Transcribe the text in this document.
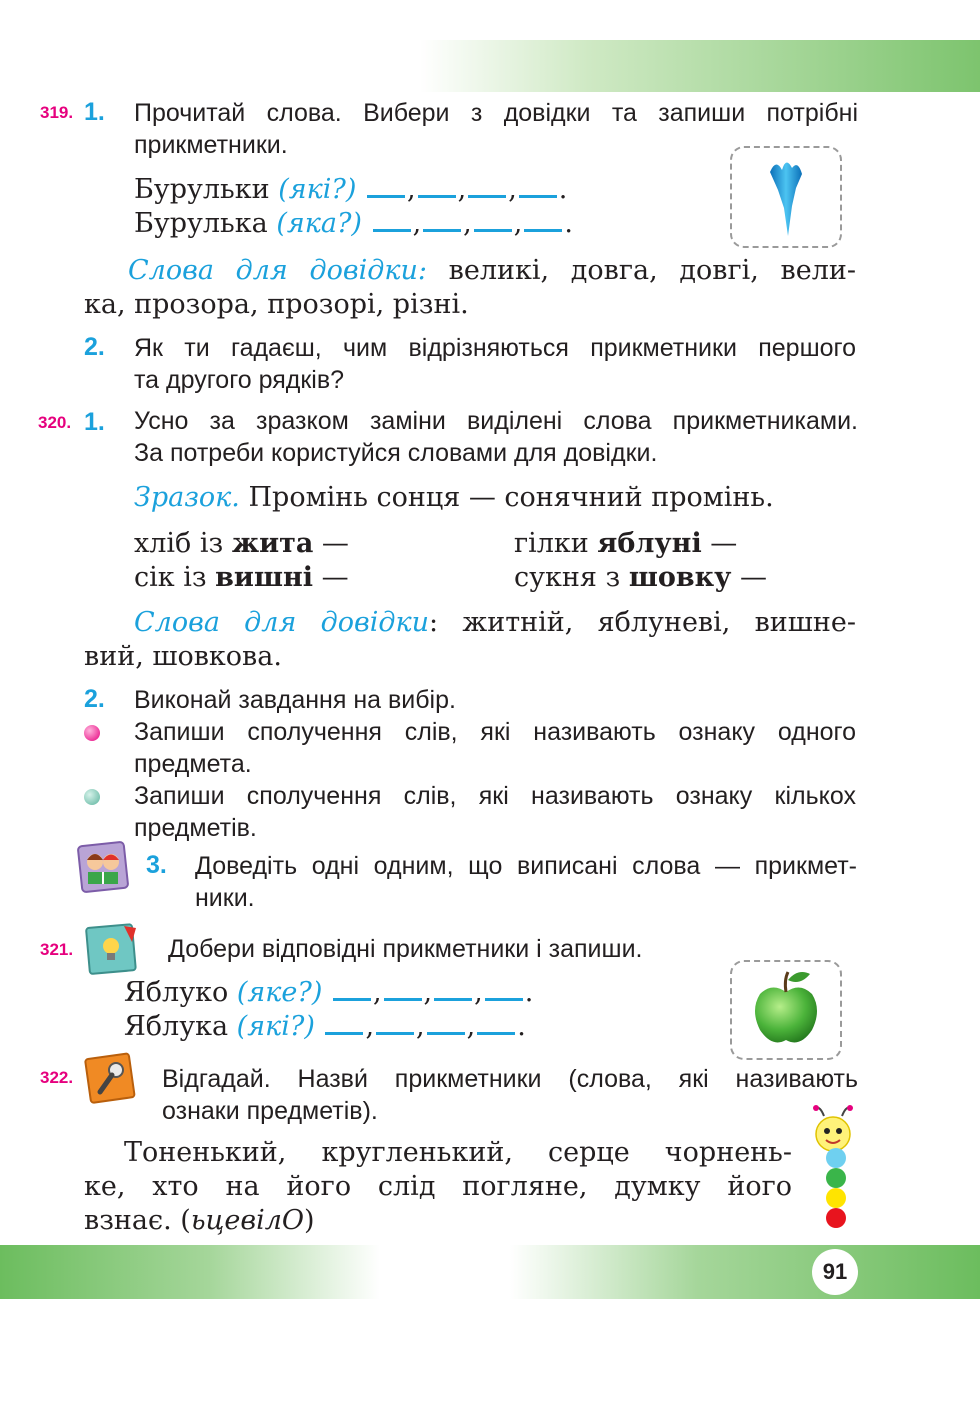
91
319. 1. Прочитай слова. Вибери з довідки та запиши потрібні
прикметники.
Бурульки (які?) , , , .
Бурулька (яка?) , , , .
Слова для довідки: великі, довга, довгі, вели-
ка, прозора, прозорі, різні.
2. Як ти гадаєш, чим відрізняються прикметники першого
та другого рядків?
320. 1. Усно за зразком заміни виділені слова прикметниками.
За потреби користуйся словами для довідки.
Зразок. Промінь сонця — сонячний промінь.
хліб із жита —	гілки яблуні —
сік із вишні —	сукня з шовку —
Слова для довідки: житній, яблуневі, вишне-
вий, шовкова.
2. Виконай завдання на вибір.
Запиши сполучення слів, які називають ознаку одного
предмета.
Запиши сполучення слів, які називають ознаку кількох
предметів.
3. Доведіть одні одним, що виписані слова — прикмет-
ники.
321.	Добери відповідні прикметники і запиши.
Яблуко (яке?) , , , .
Яблука (які?) , , , .
322.	Відгадай. Назви́ прикметники (слова, які називають
ознаки предметів).
Тоненький, кругленький, серце чорнень-
ке, хто на його слід погляне, думку його
взнає. (ьцевілО)
